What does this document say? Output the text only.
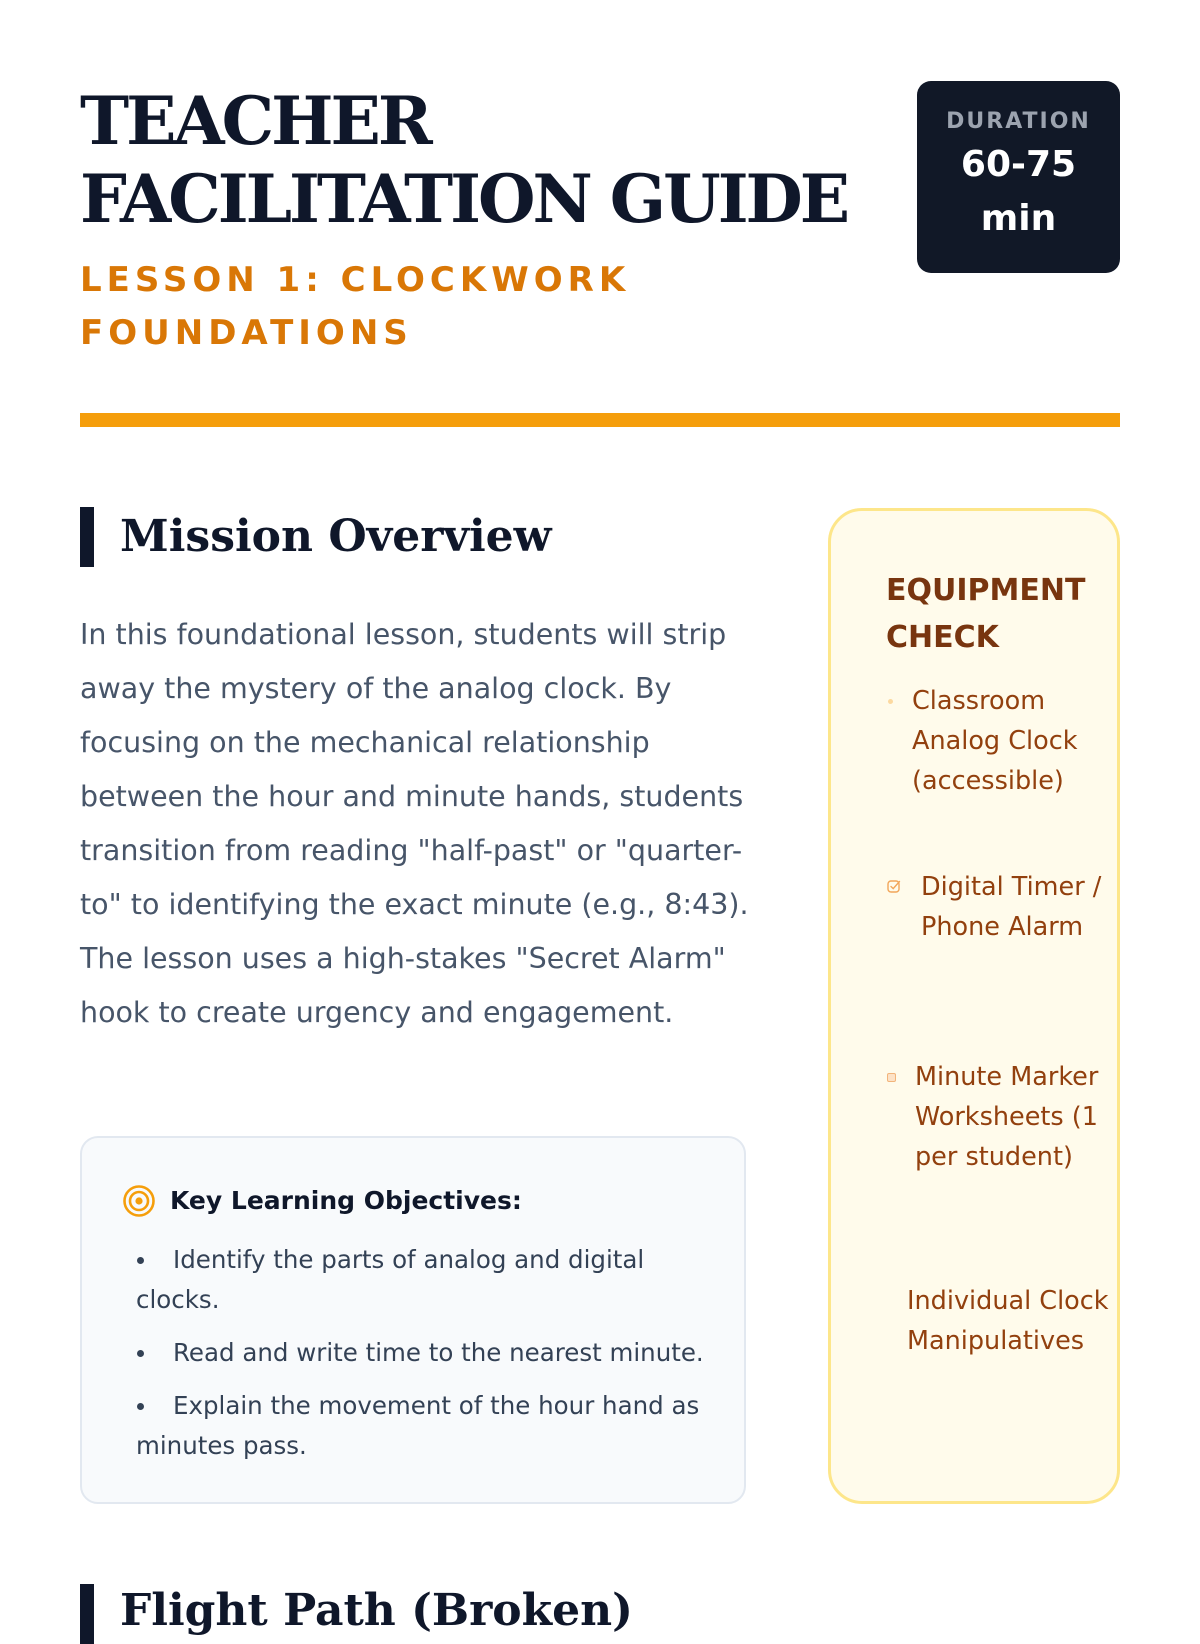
TEACHER FACILITATION GUIDE
LESSON 1: CLOCKWORK FOUNDATIONS
DURATION
60-75 min
Mission Overview

In this foundational lesson, students will strip away the mystery of the analog clock. By focusing on the mechanical relationship between the hour and minute hands, students transition from reading "half-past" or "quarter-to" to identifying the exact minute (e.g., 8:43). The lesson uses a high-stakes "Secret Alarm" hook to create urgency and engagement.

Key Learning Objectives:
Identify the parts of analog and digital clocks.
Read and write time to the nearest minute.
Explain the movement of the hour hand as minutes pass.
EQUIPMENT CHECK
Classroom Analog Clock (accessible)
Digital Timer / Phone Alarm
Minute Marker Worksheets (1 per student)
Individual Clock Manipulatives
Flight Path (Broken)
